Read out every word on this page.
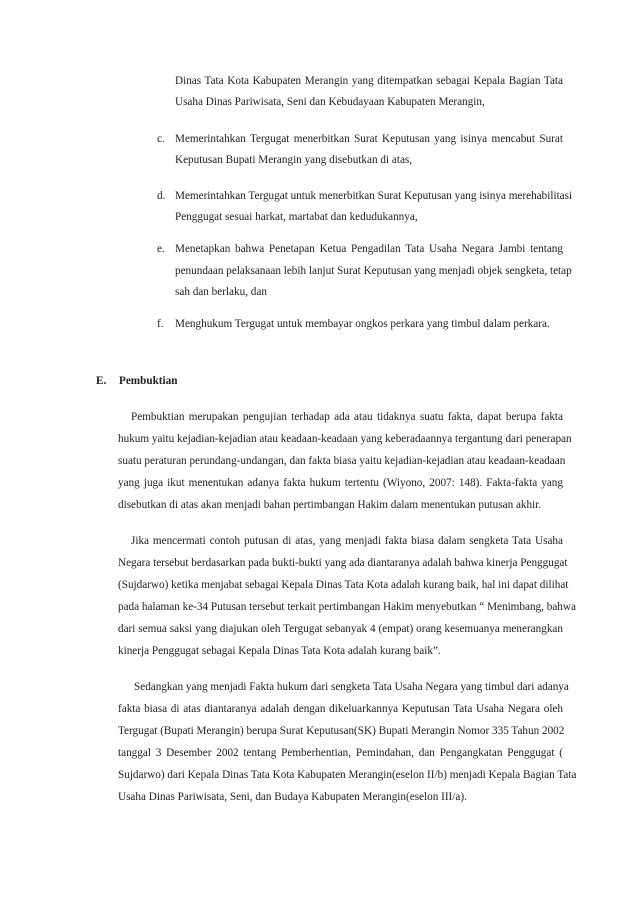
Dinas Tata Kota Kabupaten Merangin yang ditempatkan sebagai Kepala Bagian Tata
Usaha Dinas Pariwisata, Seni dan Kebudayaan Kabupaten Merangin,
c. Memerintahkan Tergugat menerbitkan Surat Keputusan yang isinya mencabut Surat
Keputusan Bupati Merangin yang disebutkan di atas,
d. Memerintahkan Tergugat untuk menerbitkan Surat Keputusan yang isinya merehabilitasi
Penggugat sesuai harkat, martabat dan kedudukannya,
e. Menetapkan bahwa Penetapan Ketua Pengadilan Tata Usaha Negara Jambi tentang
penundaan pelaksanaan lebih lanjut Surat Keputusan yang menjadi objek sengketa, tetap
sah dan berlaku, dan
f. Menghukum Tergugat untuk membayar ongkos perkara yang timbul dalam perkara.
E. Pembuktian
Pembuktian merupakan pengujian terhadap ada atau tidaknya suatu fakta, dapat berupa fakta
hukum yaitu kejadian-kejadian atau keadaan-keadaan yang keberadaannya tergantung dari penerapan
suatu peraturan perundang-undangan, dan fakta biasa yaitu kejadian-kejadian atau keadaan-keadaan
yang juga ikut menentukan adanya fakta hukum tertentu (Wiyono, 2007: 148). Fakta-fakta yang
disebutkan di atas akan menjadi bahan pertimbangan Hakim dalam menentukan putusan akhir.
Jika mencermati contoh putusan di atas, yang menjadi fakta biasa dalam sengketa Tata Usaha
Negara tersebut berdasarkan pada bukti-bukti yang ada diantaranya adalah bahwa kinerja Penggugat
(Sujdarwo) ketika menjabat sebagai Kepala Dinas Tata Kota adalah kurang baik, hal ini dapat dilihat
pada halaman ke-34 Putusan tersebut terkait pertimbangan Hakim menyebutkan “ Menimbang, bahwa
dari semua saksi yang diajukan oleh Tergugat sebanyak 4 (empat) orang kesemuanya menerangkan
kinerja Penggugat sebagai Kepala Dinas Tata Kota adalah kurang baik”.
Sedangkan yang menjadi Fakta hukum dari sengketa Tata Usaha Negara yang timbul dari adanya
fakta biasa di atas diantaranya adalah dengan dikeluarkannya Keputusan Tata Usaha Negara oleh
Tergugat (Bupati Merangin) berupa Surat Keputusan(SK) Bupati Merangin Nomor 335 Tahun 2002
tanggal 3 Desember 2002 tentang Pemberhentian, Pemindahan, dan Pengangkatan Penggugat (
Sujdarwo) dari Kepala Dinas Tata Kota Kabupaten Merangin(eselon II/b) menjadi Kepala Bagian Tata
Usaha Dinas Pariwisata, Seni, dan Budaya Kabupaten Merangin(eselon III/a).
